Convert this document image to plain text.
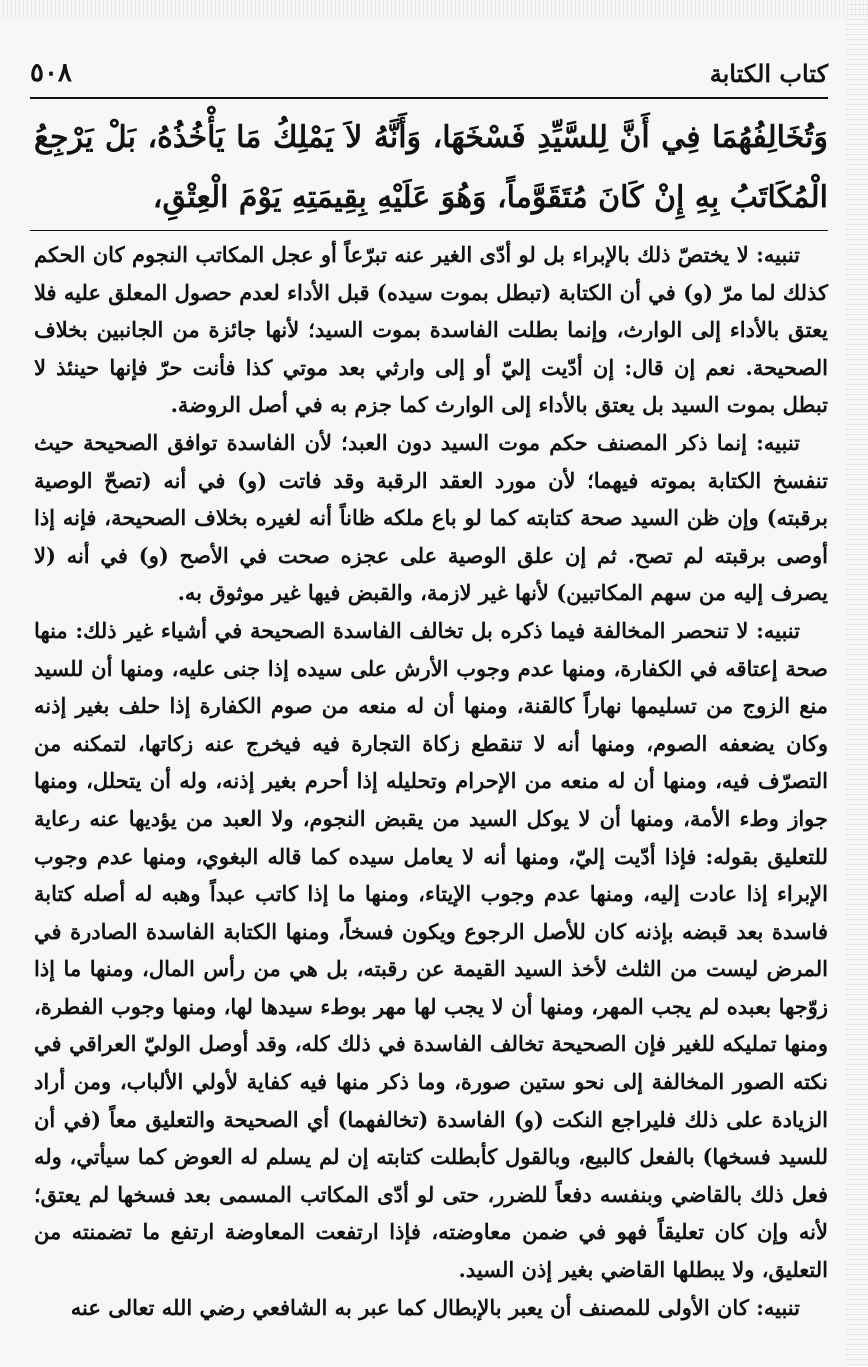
كتاب الكتابة
٥٠٨

وَتُخَالِفُهُمَا فِي أَنَّ لِلسَّيِّدِ فَسْخَهَا، وَأَنَّهُ لاَ يَمْلِكُ مَا يَأْخُذُهُ، بَلْ يَرْجِعُ الْمُكَاتَبُ بِهِ إِنْ كَانَ مُتَقَوَّماً، وَهُوَ عَلَيْهِ بِقِيمَتِهِ يَوْمَ الْعِتْقِ،

تنبيه: لا يختصّ ذلك بالإبراء بل لو أدّى الغير عنه تبرّعاً أو عجل المكاتب النجوم كان الحكم كذلك لما مرّ (و) في أن الكتابة (تبطل بموت سيده) قبل الأداء لعدم حصول المعلق عليه فلا يعتق بالأداء إلى الوارث، وإنما بطلت الفاسدة بموت السيد؛ لأنها جائزة من الجانبين بخلاف الصحيحة. نعم إن قال: إن أدّيت إليّ أو إلى وارثي بعد موتي كذا فأنت حرّ فإنها حينئذ لا تبطل بموت السيد بل يعتق بالأداء إلى الوارث كما جزم به في أصل الروضة.

تنبيه: إنما ذكر المصنف حكم موت السيد دون العبد؛ لأن الفاسدة توافق الصحيحة حيث تنفسخ الكتابة بموته فيهما؛ لأن مورد العقد الرقبة وقد فاتت (و) في أنه (تصحّ الوصية برقبته) وإن ظن السيد صحة كتابته كما لو باع ملكه ظاناً أنه لغيره بخلاف الصحيحة، فإنه إذا أوصى برقبته لم تصح. ثم إن علق الوصية على عجزه صحت في الأصح (و) في أنه (لا يصرف إليه من سهم المكاتبين) لأنها غير لازمة، والقبض فيها غير موثوق به.

تنبيه: لا تنحصر المخالفة فيما ذكره بل تخالف الفاسدة الصحيحة في أشياء غير ذلك: منها صحة إعتاقه في الكفارة، ومنها عدم وجوب الأرش على سيده إذا جنى عليه، ومنها أن للسيد منع الزوج من تسليمها نهاراً كالقنة، ومنها أن له منعه من صوم الكفارة إذا حلف بغير إذنه وكان يضعفه الصوم، ومنها أنه لا تنقطع زكاة التجارة فيه فيخرج عنه زكاتها، لتمكنه من التصرّف فيه، ومنها أن له منعه من الإحرام وتحليله إذا أحرم بغير إذنه، وله أن يتحلل، ومنها جواز وطء الأمة، ومنها أن لا يوكل السيد من يقبض النجوم، ولا العبد من يؤديها عنه رعاية للتعليق بقوله: فإذا أدّيت إليّ، ومنها أنه لا يعامل سيده كما قاله البغوي، ومنها عدم وجوب الإبراء إذا عادت إليه، ومنها عدم وجوب الإيتاء، ومنها ما إذا كاتب عبداً وهبه له أصله كتابة فاسدة بعد قبضه بإذنه كان للأصل الرجوع ويكون فسخاً، ومنها الكتابة الفاسدة الصادرة في المرض ليست من الثلث لأخذ السيد القيمة عن رقبته، بل هي من رأس المال، ومنها ما إذا زوّجها بعبده لم يجب المهر، ومنها أن لا يجب لها مهر بوطء سيدها لها، ومنها وجوب الفطرة، ومنها تمليكه للغير فإن الصحيحة تخالف الفاسدة في ذلك كله، وقد أوصل الوليّ العراقي في نكته الصور المخالفة إلى نحو ستين صورة، وما ذكر منها فيه كفاية لأولي الألباب، ومن أراد الزيادة على ذلك فليراجع النكت (و) الفاسدة (تخالفهما) أي الصحيحة والتعليق معاً (في أن للسيد فسخها) بالفعل كالبيع، وبالقول كأبطلت كتابته إن لم يسلم له العوض كما سيأتي، وله فعل ذلك بالقاضي وبنفسه دفعاً للضرر، حتى لو أدّى المكاتب المسمى بعد فسخها لم يعتق؛ لأنه وإن كان تعليقاً فهو في ضمن معاوضته، فإذا ارتفعت المعاوضة ارتفع ما تضمنته من التعليق، ولا يبطلها القاضي بغير إذن السيد.

تنبيه: كان الأولى للمصنف أن يعبر بالإبطال كما عبر به الشافعي رضي الله تعالى عنه
